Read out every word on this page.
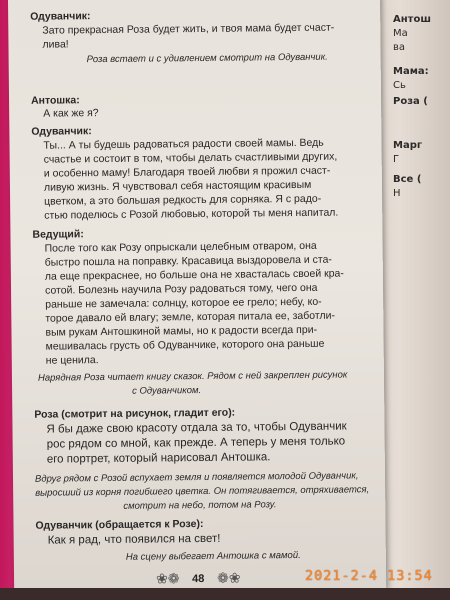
Антош
Ма
ва
Мама:
Сь
Роза (
Марг
Г
Все (
Н
Одуванчик:
Зато прекрасная Роза будет жить, и твоя мама будет счаст-
лива!
Роза встает и с удивлением смотрит на Одуванчик.
Антошка:
А как же я?
Одуванчик:
Ты... А ты будешь радоваться радости своей мамы. Ведь
счастье и состоит в том, чтобы делать счастливыми других,
и особенно маму! Благодаря твоей любви я прожил счаст-
ливую жизнь. Я чувствовал себя настоящим красивым
цветком, а это большая редкость для сорняка. Я с радо-
стью поделюсь с Розой любовью, которой ты меня напитал.
Ведущий:
После того как Розу опрыскали целебным отваром, она
быстро пошла на поправку. Красавица выздоровела и ста-
ла еще прекраснее, но больше она не хвасталась своей кра-
сотой. Болезнь научила Розу радоваться тому, чего она
раньше не замечала: солнцу, которое ее грело; небу, ко-
торое давало ей влагу; земле, которая питала ее, заботли-
вым рукам Антошкиной мамы, но к радости всегда при-
мешивалась грусть об Одуванчике, которого она раньше
не ценила.
Нарядная Роза читает книгу сказок. Рядом с ней закреплен рисунок
с Одуванчиком.
Роза (смотрит на рисунок, гладит его):
Я бы даже свою красоту отдала за то, чтобы Одуванчик
рос рядом со мной, как прежде. А теперь у меня только
его портрет, который нарисовал Антошка.
Вдруг рядом с Розой вспухает земля и появляется молодой Одуванчик,
выросший из корня погибшего цветка. Он потягивается, отряхивается,
смотрит на небо, потом на Розу.
Одуванчик (обращается к Розе):
Как я рад, что появился на свет!
На сцену выбегает Антошка с мамой.
❀❁ 48 ❁❀	2021-2-4 13:54
